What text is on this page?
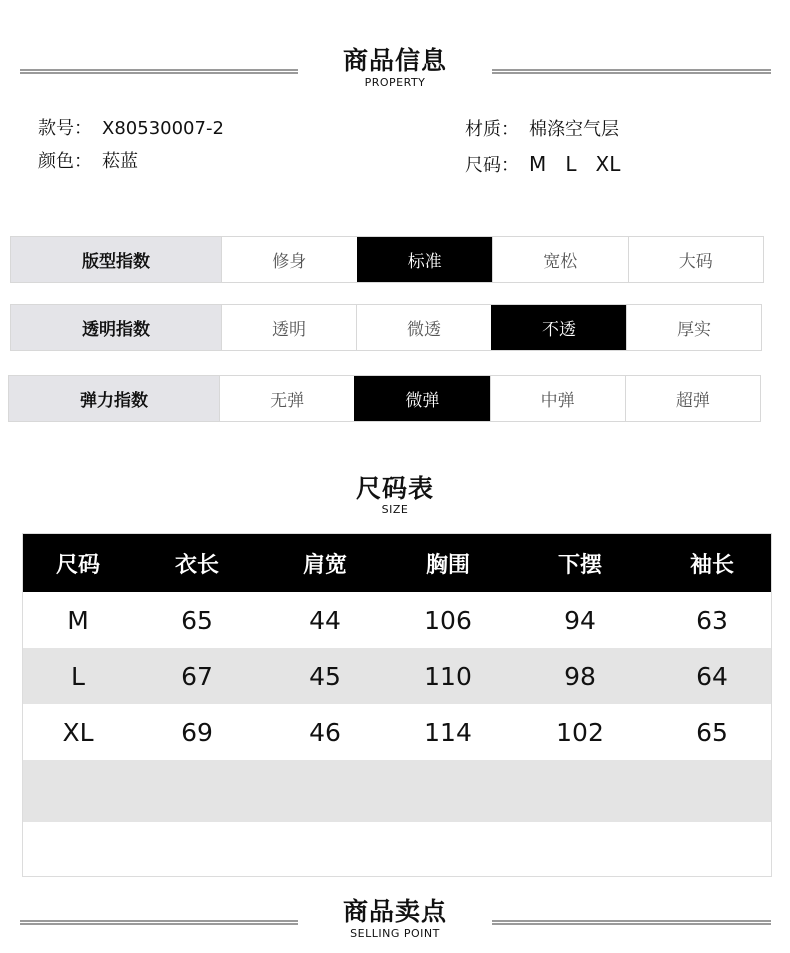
商品信息
PROPERTY
款号： X80530007-2
颜色： 菘蓝
材质： 棉涤空气层
尺码： M   L   XL
版型指数	修身	标准	宽松	大码
透明指数	透明	微透	不透	厚实
弹力指数	无弹	微弹	中弹	超弹
尺码表
SIZE
尺码	衣长	肩宽	胸围	下摆	袖长
M	65	44	106	94	63
L	67	45	110	98	64
XL	69	46	114	102	65
商品卖点
SELLING POINT
